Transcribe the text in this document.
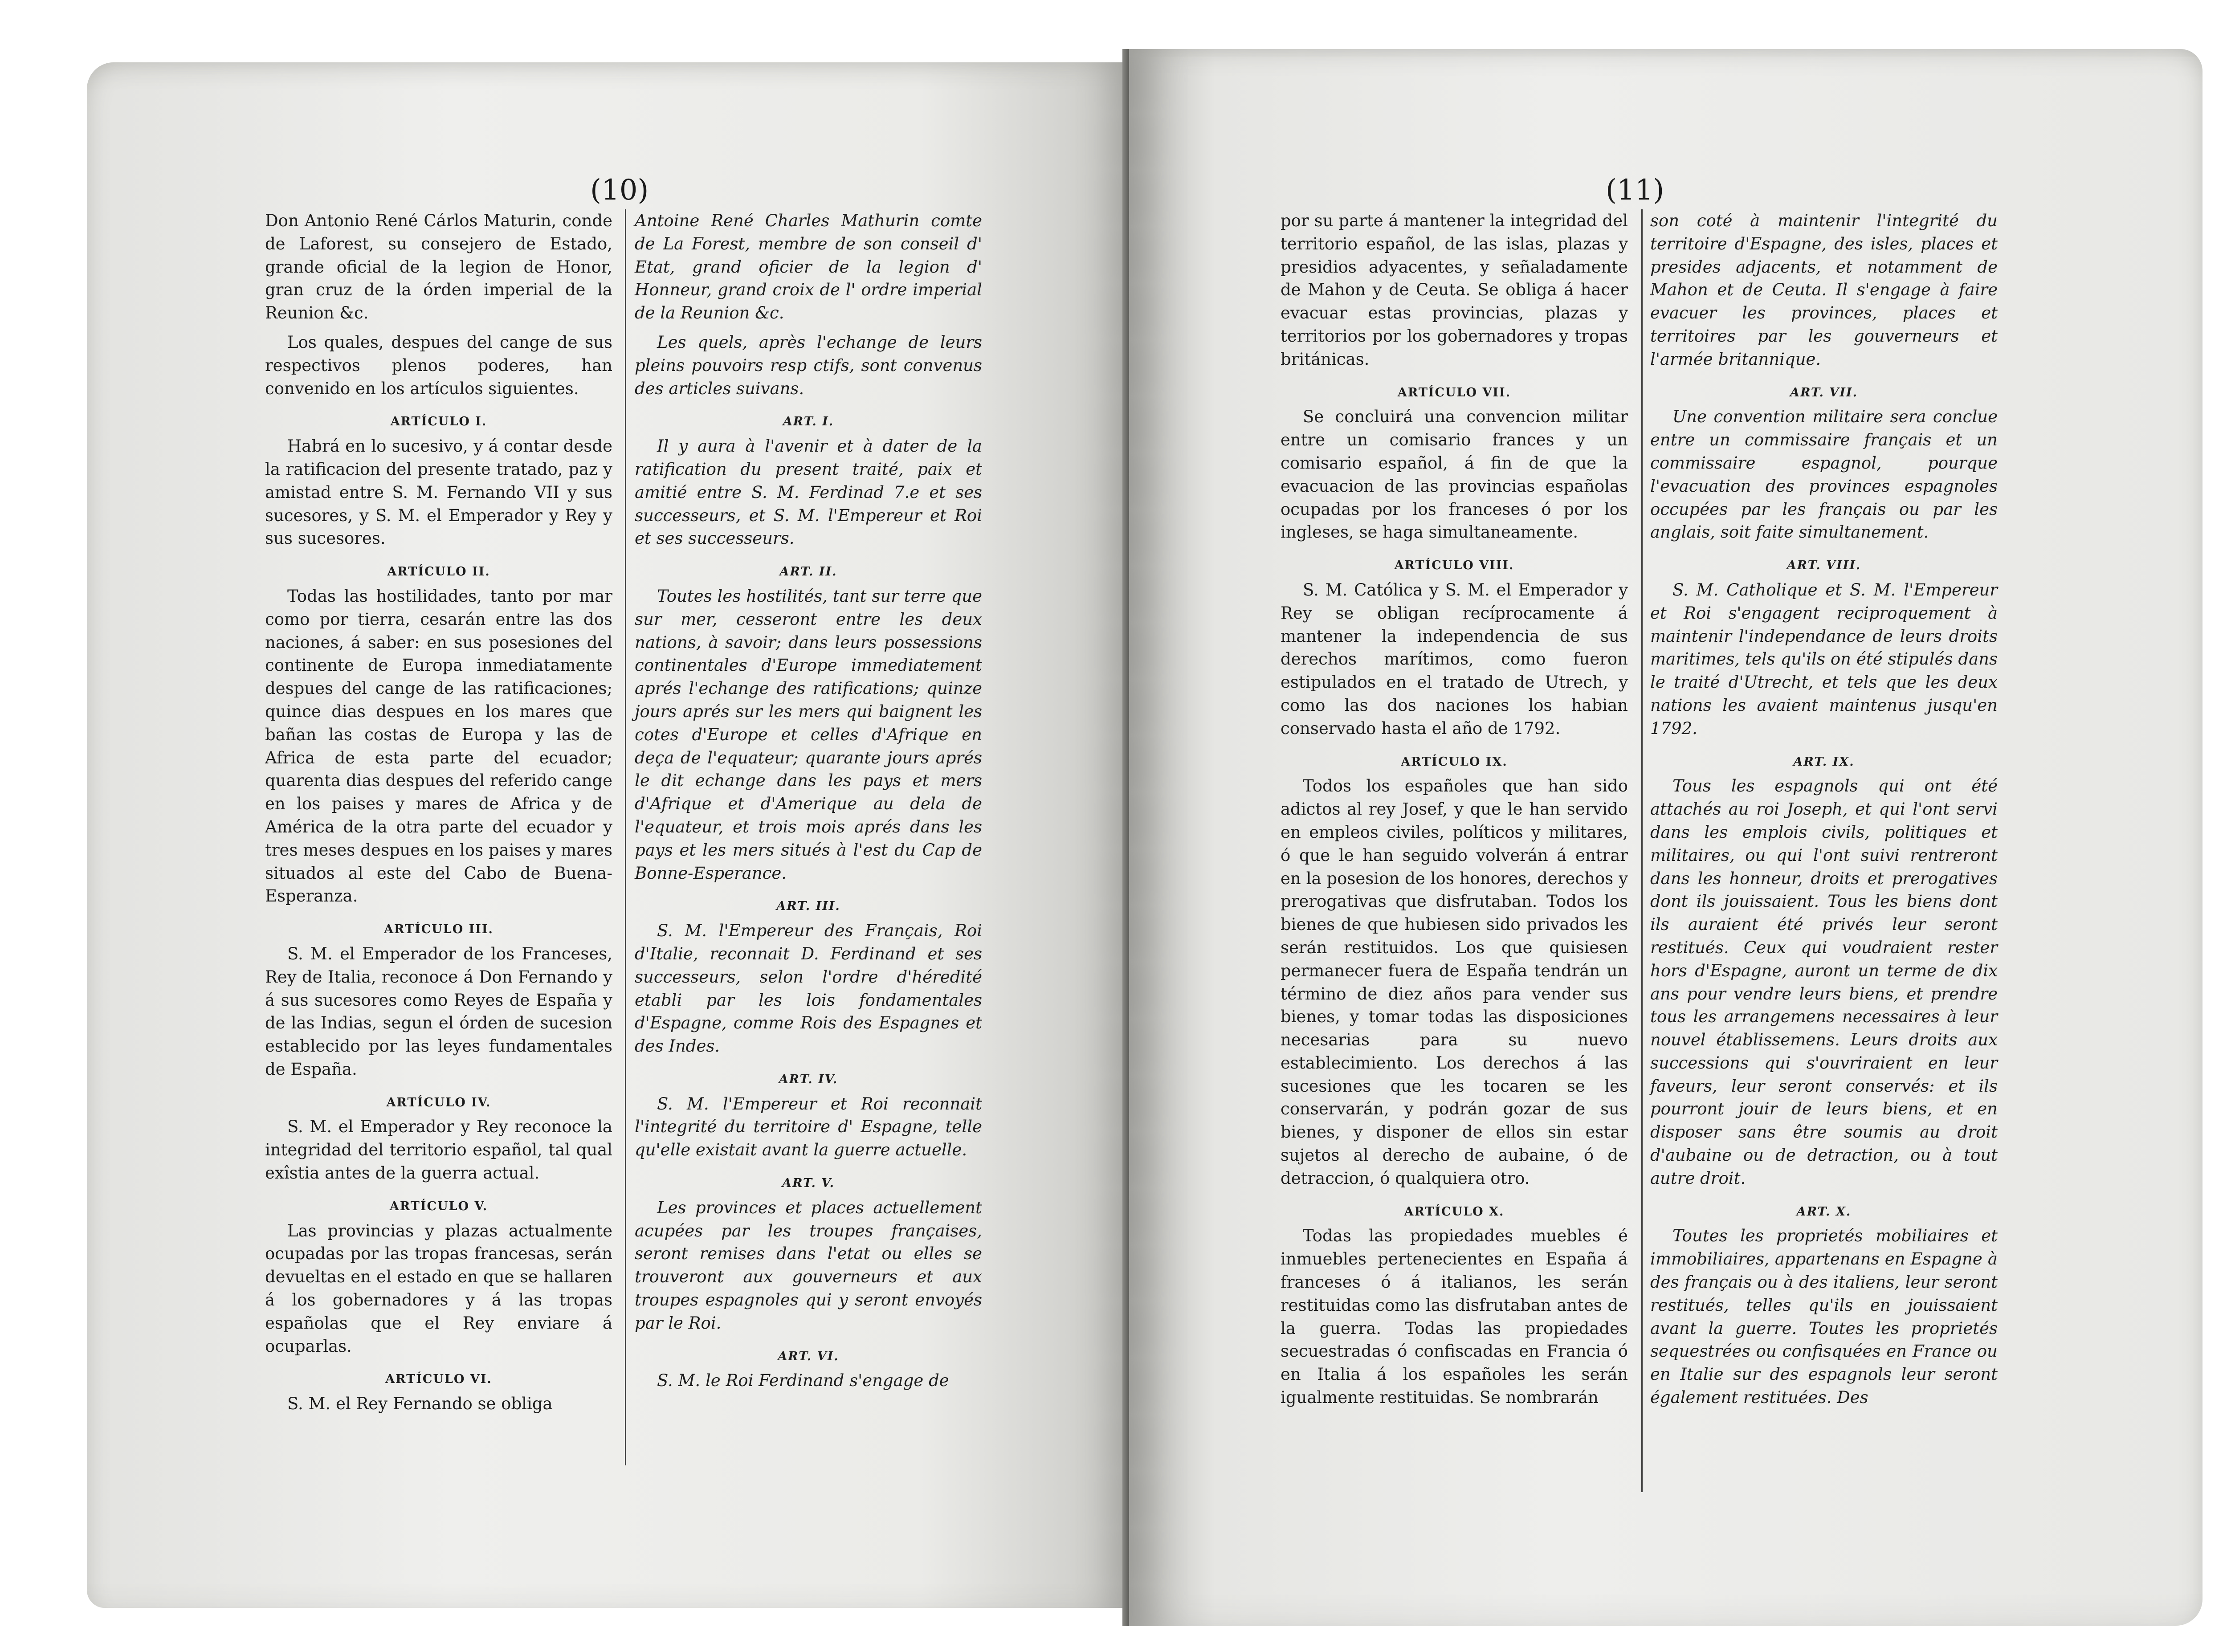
(10)

Don Antonio René Cárlos Maturin, conde de Laforest, su consejero de Estado, grande oficial de la legion de Honor, gran cruz de la órden imperial de la Reunion &c.

Los quales, despues del cange de sus respectivos plenos poderes, han convenido en los artículos siguientes.

ARTÍCULO I.

Habrá en lo sucesivo, y á contar desde la ratificacion del presente tratado, paz y amistad entre S. M. Fernando VII y sus sucesores, y S. M. el Emperador y Rey y sus sucesores.

ARTÍCULO II.

Todas las hostilidades, tanto por mar como por tierra, cesarán entre las dos naciones, á saber: en sus posesiones del continente de Europa inmediatamente despues del cange de las ratificaciones; quince dias despues en los mares que bañan las costas de Europa y las de Africa de esta parte del ecuador; quarenta dias despues del referido cange en los paises y mares de Africa y de América de la otra parte del ecuador y tres meses despues en los paises y mares situados al este del Cabo de Buena-Esperanza.

ARTÍCULO III.

S. M. el Emperador de los Franceses, Rey de Italia, reconoce á Don Fernando y á sus sucesores como Reyes de España y de las Indias, segun el órden de sucesion establecido por las leyes fundamentales de España.

ARTÍCULO IV.

S. M. el Emperador y Rey reconoce la integridad del territorio español, tal qual exîstia antes de la guerra actual.

ARTÍCULO V.

Las provincias y plazas actualmente ocupadas por las tropas francesas, serán devueltas en el estado en que se hallaren á los gobernadores y á las tropas españolas que el Rey enviare á ocuparlas.

ARTÍCULO VI.

S. M. el Rey Fernando se obliga

Antoine René Charles Mathurin comte de La Forest, membre de son conseil d' Etat, grand oficier de la legion d' Honneur, grand croix de l' ordre imperial de la Reunion &c.

Les quels, après l'echange de leurs pleins pouvoirs resp ctifs, sont convenus des articles suivans.

ART. I.

Il y aura à l'avenir et à dater de la ratification du present traité, paix et amitié entre S. M. Ferdinad 7.e et ses successeurs, et S. M. l'Empereur et Roi et ses successeurs.

ART. II.

Toutes les hostilités, tant sur terre que sur mer, cesseront entre les deux nations, à savoir; dans leurs possessions continentales d'Europe immediatement aprés l'echange des ratifications; quinze jours aprés sur les mers qui baignent les cotes d'Europe et celles d'Afrique en deça de l'equateur; quarante jours aprés le dit echange dans les pays et mers d'Afrique et d'Amerique au dela de l'equateur, et trois mois aprés dans les pays et les mers situés à l'est du Cap de Bonne-Esperance.

ART. III.

S. M. l'Empereur des Français, Roi d'Italie, reconnait D. Ferdinand et ses successeurs, selon l'ordre d'héredité etabli par les lois fondamentales d'Espagne, comme Rois des Espagnes et des Indes.

ART. IV.

S. M. l'Empereur et Roi reconnait l'integrité du territoire d' Espagne, telle qu'elle existait avant la guerre actuelle.

ART. V.

Les provinces et places actuellement acupées par les troupes françaises, seront remises dans l'etat ou elles se trouveront aux gouverneurs et aux troupes espagnoles qui y seront envoyés par le Roi.

ART. VI.

S. M. le Roi Ferdinand s'engage de

(11)

por su parte á mantener la integridad del territorio español, de las islas, plazas y presidios adyacentes, y señaladamente de Mahon y de Ceuta. Se obliga á hacer evacuar estas provincias, plazas y territorios por los gobernadores y tropas británicas.

ARTÍCULO VII.

Se concluirá una convencion militar entre un comisario frances y un comisario español, á fin de que la evacuacion de las provincias españolas ocupadas por los franceses ó por los ingleses, se haga simultaneamente.

ARTÍCULO VIII.

S. M. Católica y S. M. el Emperador y Rey se obligan recíprocamente á mantener la independencia de sus derechos marítimos, como fueron estipulados en el tratado de Utrech, y como las dos naciones los habian conservado hasta el año de 1792.

ARTÍCULO IX.

Todos los españoles que han sido adictos al rey Josef, y que le han servido en empleos civiles, políticos y militares, ó que le han seguido volverán á entrar en la posesion de los honores, derechos y prerogativas que disfrutaban. Todos los bienes de que hubiesen sido privados les serán restituidos. Los que quisiesen permanecer fuera de España tendrán un término de diez años para vender sus bienes, y tomar todas las disposiciones necesarias para su nuevo establecimiento. Los derechos á las sucesiones que les tocaren se les conservarán, y podrán gozar de sus bienes, y disponer de ellos sin estar sujetos al derecho de aubaine, ó de detraccion, ó qualquiera otro.

ARTÍCULO X.

Todas las propiedades muebles é inmuebles pertenecientes en España á franceses ó á italianos, les serán restituidas como las disfrutaban antes de la guerra. Todas las propiedades secuestradas ó confiscadas en Francia ó en Italia á los españoles les serán igualmente restituidas. Se nombrarán

son coté à maintenir l'integrité du territoire d'Espagne, des isles, places et presides adjacents, et notamment de Mahon et de Ceuta. Il s'engage à faire evacuer les provinces, places et territoires par les gouverneurs et l'armée britannique.

ART. VII.

Une convention militaire sera conclue entre un commissaire français et un commissaire espagnol, pourque l'evacuation des provinces espagnoles occupées par les français ou par les anglais, soit faite simultanement.

ART. VIII.

S. M. Catholique et S. M. l'Empereur et Roi s'engagent reciproquement à maintenir l'independance de leurs droits maritimes, tels qu'ils on été stipulés dans le traité d'Utrecht, et tels que les deux nations les avaient maintenus jusqu'en 1792.

ART. IX.

Tous les espagnols qui ont été attachés au roi Joseph, et qui l'ont servi dans les emplois civils, politiques et militaires, ou qui l'ont suivi rentreront dans les honneur, droits et prerogatives dont ils jouissaient. Tous les biens dont ils auraient été privés leur seront restitués. Ceux qui voudraient rester hors d'Espagne, auront un terme de dix ans pour vendre leurs biens, et prendre tous les arrangemens necessaires à leur nouvel établissemens. Leurs droits aux successions qui s'ouvriraient en leur faveurs, leur seront conservés: et ils pourront jouir de leurs biens, et en disposer sans être soumis au droit d'aubaine ou de detraction, ou à tout autre droit.

ART. X.

Toutes les proprietés mobiliaires et immobiliaires, appartenans en Espagne à des français ou à des italiens, leur seront restitués, telles qu'ils en jouissaient avant la guerre. Toutes les proprietés sequestrées ou confisquées en France ou en Italie sur des espagnols leur seront également restituées. Des
